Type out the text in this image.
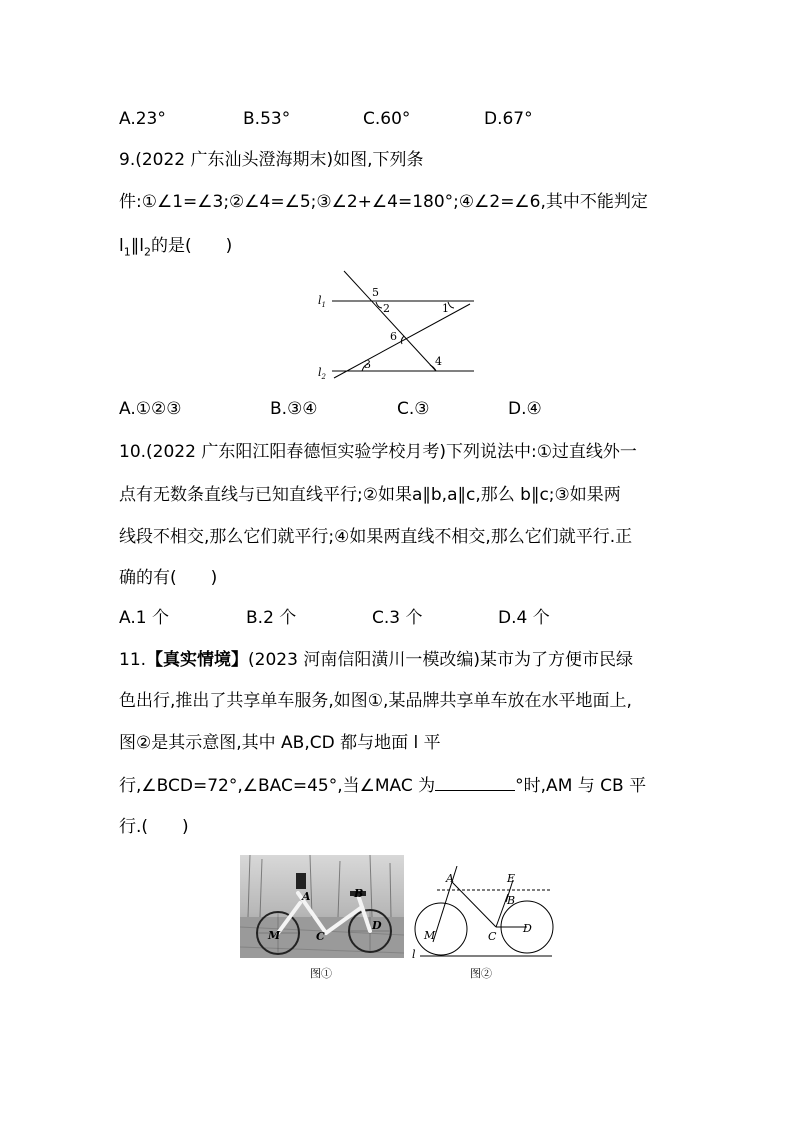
A.23°	B.53°	C.60°	D.67°
9.(2022 广东汕头澄海期末)如图,下列条
件:①∠1=∠3;②∠4=∠5;③∠2+∠4=180°;④∠2=∠6,其中不能判定
$l_1\parallel l_2$的是(　　)
$l_1$
$l_2$
5
2	1
6
3	4
A.①②③	B.③④	C.③	D.④
10.(2022 广东阳江阳春德恒实验学校月考)下列说法中:①过直线外一
点有无数条直线与已知直线平行;②如果a∥b,a∥c,那么 b∥c;③如果两
线段不相交,那么它们就平行;④如果两直线不相交,那么它们就平行.正
确的有(　　)
A.1 个	B.2 个	C.3 个	D.4 个
11.【真实情境】(2023 河南信阳潢川一模改编)某市为了方便市民绿
色出行,推出了共享单车服务,如图①,某品牌共享单车放在水平地面上,
图②是其示意图,其中 AB,CD 都与地面 l 平
行,∠BCD=72°,∠BAC=45°,当∠MAC 为	°时,AM 与 CB 平
行.(　　)
A	B
M	C
D
图①
A	E
B
M	C
D
l
图②
